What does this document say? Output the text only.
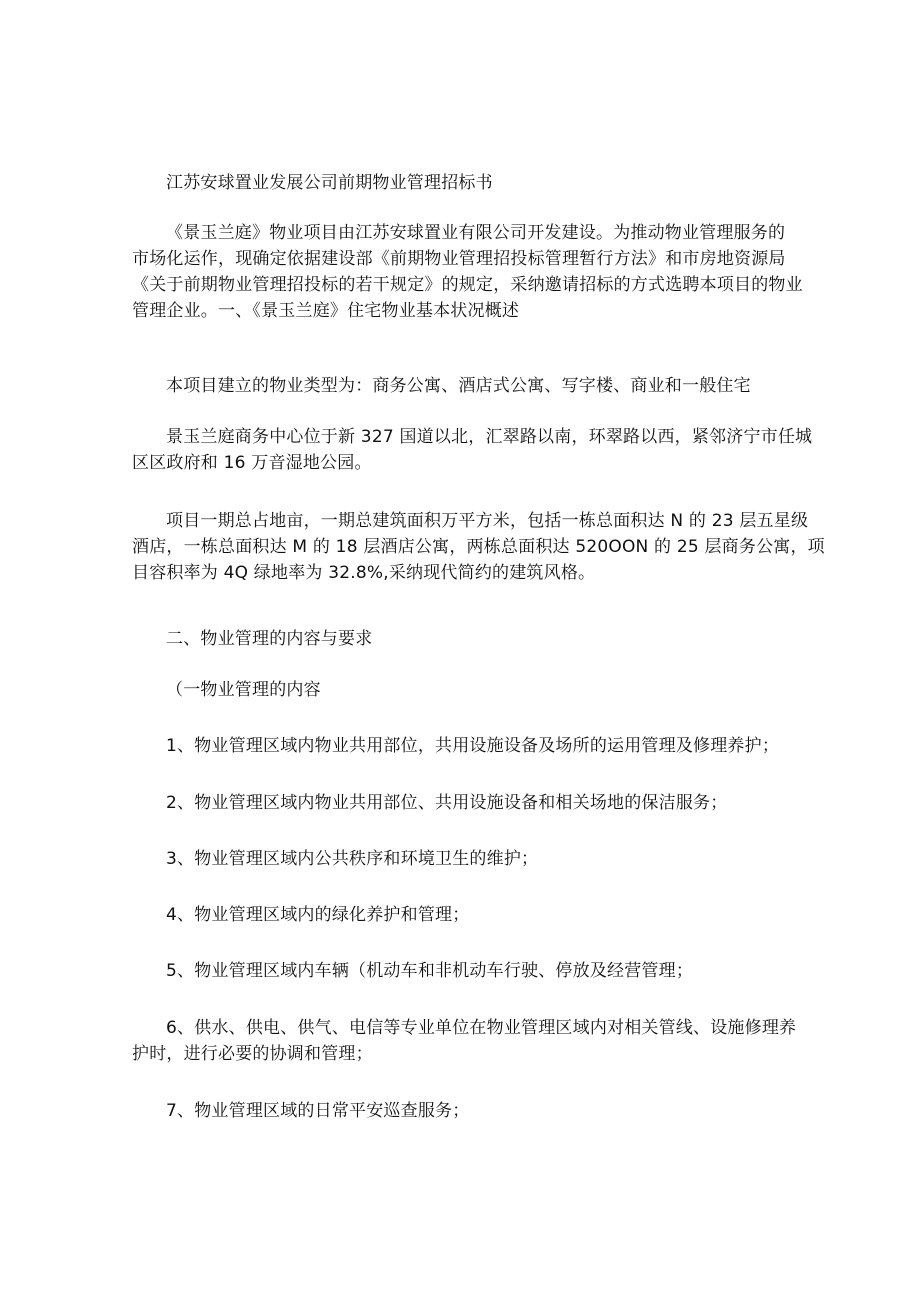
江苏安球置业发展公司前期物业管理招标书

《景玉兰庭》物业项目由江苏安球置业有限公司开发建设。为推动物业管理服务的
市场化运作，现确定依据建设部《前期物业管理招投标管理暂行方法》和市房地资源局
《关于前期物业管理招投标的若干规定》的规定，采纳邀请招标的方式选聘本项目的物业
管理企业。一、《景玉兰庭》住宅物业基本状况概述

本项目建立的物业类型为：商务公寓、酒店式公寓、写字楼、商业和一般住宅

景玉兰庭商务中心位于新 327 国道以北，汇翠路以南，环翠路以西，紧邻济宁市任城
区区政府和 16 万音湿地公园。
项目一期总占地亩，一期总建筑面积万平方米，包括一栋总面积达 N 的 23 层五星级
酒店，一栋总面积达 M 的 18 层酒店公寓，两栋总面积达 520OON 的 25 层商务公寓，项
目容积率为 4Q 绿地率为 32.8%,采纳现代简约的建筑风格。

二、物业管理的内容与要求

（一物业管理的内容

1、物业管理区域内物业共用部位，共用设施设备及场所的运用管理及修理养护；

2、物业管理区域内物业共用部位、共用设施设备和相关场地的保洁服务；

3、物业管理区域内公共秩序和环境卫生的维护；

4、物业管理区域内的绿化养护和管理；

5、物业管理区域内车辆（机动车和非机动车行驶、停放及经营管理；

6、供水、供电、供气、电信等专业单位在物业管理区域内对相关管线、设施修理养
护时，进行必要的协调和管理；

7、物业管理区域的日常平安巡查服务；
